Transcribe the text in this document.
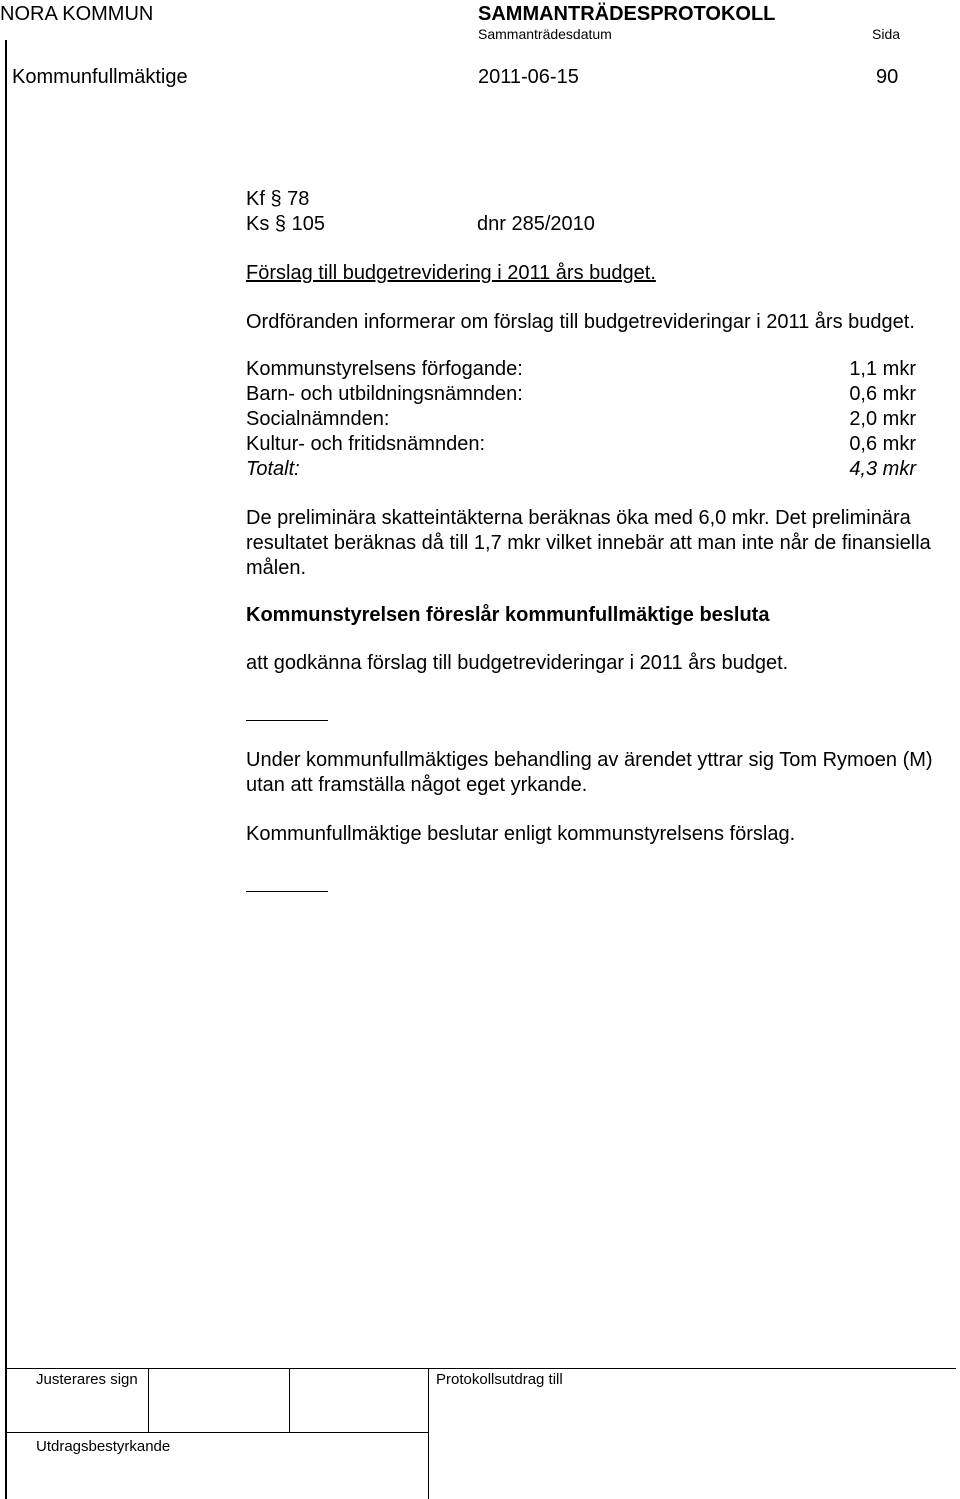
NORA KOMMUN	SAMMANTRÄDESPROTOKOLL
Sammanträdesdatum	Sida
Kommunfullmäktige	2011-06-15	90
Kf § 78
Ks § 105	dnr 285/2010
Förslag till budgetrevidering i 2011 års budget.
Ordföranden informerar om förslag till budgetrevideringar i 2011 års budget.
Kommunstyrelsens förfogande:	1,1 mkr
Barn- och utbildningsnämnden:	0,6 mkr
Socialnämnden:	2,0 mkr
Kultur- och fritidsnämnden:	0,6 mkr
Totalt:	4,3 mkr
De preliminära skatteintäkterna beräknas öka med 6,0 mkr. Det preliminära resultatet beräknas då till 1,7 mkr vilket innebär att man inte når de finansiella målen.
Kommunstyrelsen föreslår kommunfullmäktige besluta
att godkänna förslag till budgetrevideringar i 2011 års budget.
Under kommunfullmäktiges behandling av ärendet yttrar sig Tom Rymoen (M) utan att framställa något eget yrkande.
Kommunfullmäktige beslutar enligt kommunstyrelsens förslag.
Justerares sign	Protokollsutdrag till
Utdragsbestyrkande
